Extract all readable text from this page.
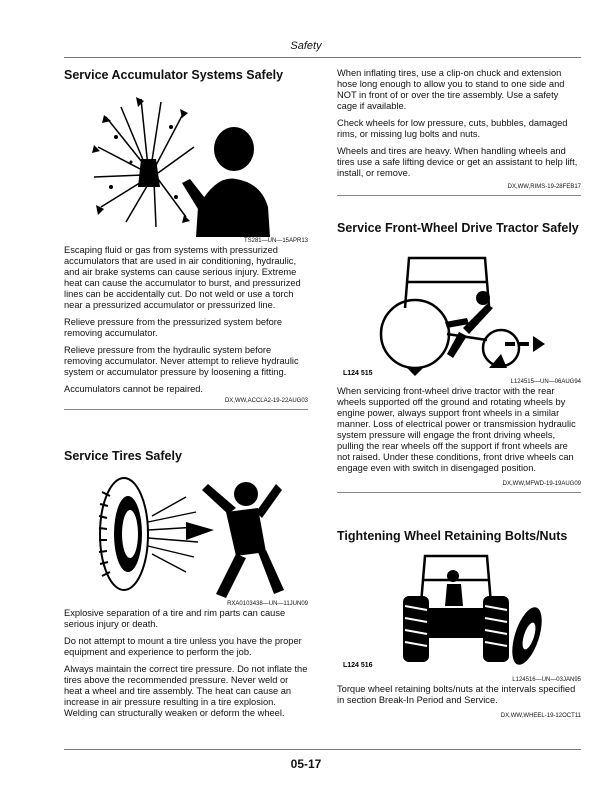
Safety
Service Accumulator Systems Safely

TS281—UN—15APR13

Escaping fluid or gas from systems with pressurized accumulators that are used in air conditioning, hydraulic, and air brake systems can cause serious injury. Extreme heat can cause the accumulator to burst, and pressurized lines can be accidentally cut. Do not weld or use a torch near a pressurized accumulator or pressurized line.

Relieve pressure from the pressurized system before removing accumulator.

Relieve pressure from the hydraulic system before removing accumulator. Never attempt to relieve hydraulic system or accumulator pressure by loosening a fitting.

Accumulators cannot be repaired.

DX,WW,ACCLA2-19-22AUG03

Service Tires Safely

RXA0103438—UN—11JUN09

Explosive separation of a tire and rim parts can cause serious injury or death.

Do not attempt to mount a tire unless you have the proper equipment and experience to perform the job.

Always maintain the correct tire pressure. Do not inflate the tires above the recommended pressure. Never weld or heat a wheel and tire assembly. The heat can cause an increase in air pressure resulting in a tire explosion. Welding can structurally weaken or deform the wheel.

When inflating tires, use a clip-on chuck and extension hose long enough to allow you to stand to one side and NOT in front of or over the tire assembly. Use a safety cage if available.

Check wheels for low pressure, cuts, bubbles, damaged rims, or missing lug bolts and nuts.

Wheels and tires are heavy. When handling wheels and tires use a safe lifting device or get an assistant to help lift, install, or remove.

DX,WW,RIMS-19-28FEB17

Service Front-Wheel Drive Tractor Safely
L124 515

L124515—UN—06AUG94

When servicing front-wheel drive tractor with the rear wheels supported off the ground and rotating wheels by engine power, always support front wheels in a similar manner. Loss of electrical power or transmission hydraulic system pressure will engage the front driving wheels, pulling the rear wheels off the support if front wheels are not raised. Under these conditions, front drive wheels can engage even with switch in disengaged position.

DX,WW,MFWD-19-19AUG09

Tightening Wheel Retaining Bolts/Nuts
L124 516

L124516—UN—03JAN95

Torque wheel retaining bolts/nuts at the intervals specified in section Break-In Period and Service.

DX,WW,WHEEL-19-12OCT11

05-17
